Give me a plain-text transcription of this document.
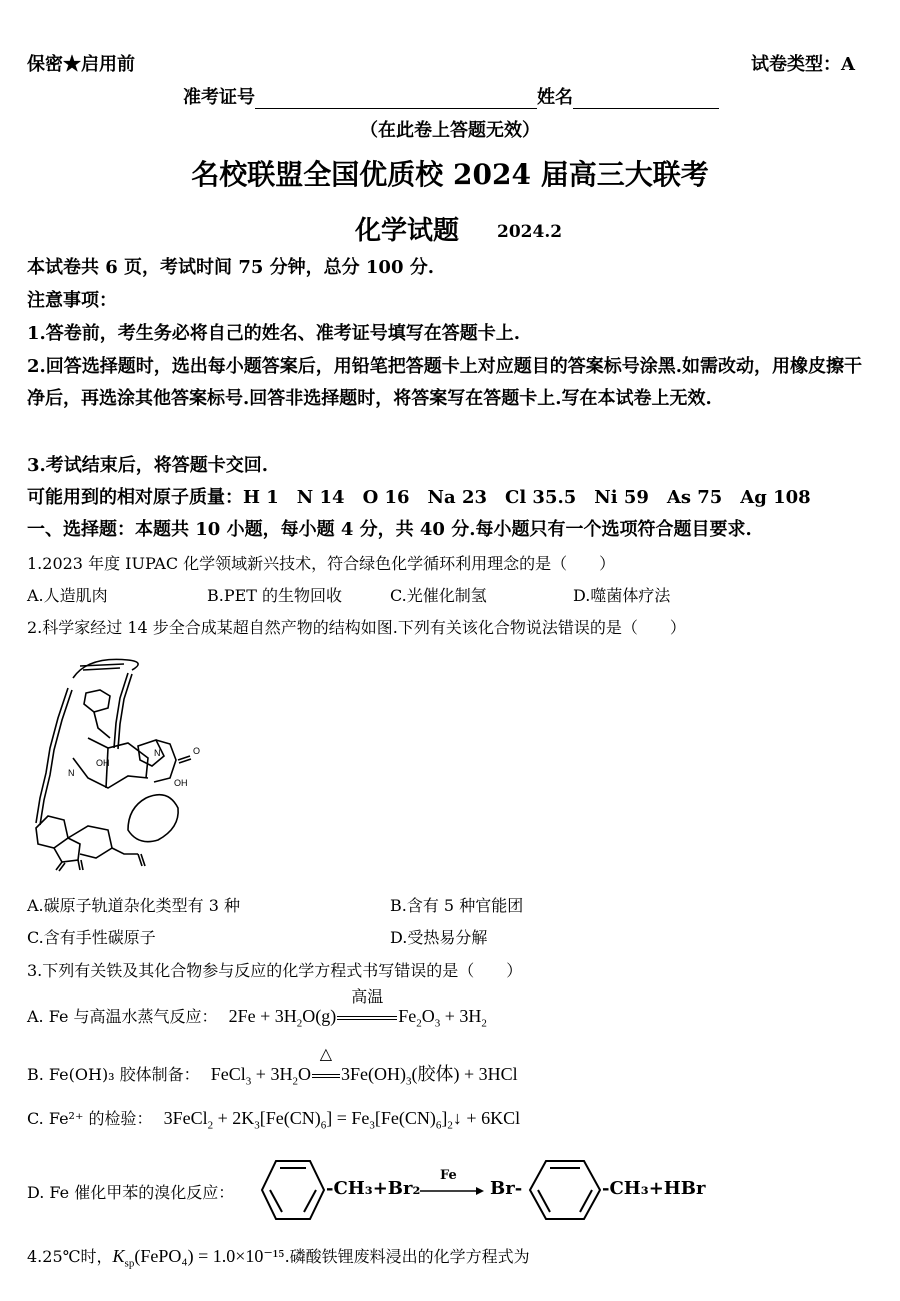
保密★启用前	试卷类型：A
准考证号	姓名
（在此卷上答题无效）
名校联盟全国优质校 2024 届高三大联考
化学试题 2024.2
本试卷共 6 页，考试时间 75 分钟，总分 100 分.
注意事项：
1.答卷前，考生务必将自己的姓名、准考证号填写在答题卡上.
2.回答选择题时，选出每小题答案后，用铅笔把答题卡上对应题目的答案标号涂黑.如需改动，用橡皮擦干净后，再选涂其他答案标号.回答非选择题时，将答案写在答题卡上.写在本试卷上无效.
3.考试结束后，将答题卡交回.
可能用到的相对原子质量：H 1　N 14　O 16　Na 23　Cl 35.5　Ni 59　As 75　Ag 108
一、选择题：本题共 10 小题，每小题 4 分，共 40 分.每小题只有一个选项符合题目要求.
1.2023 年度 IUPAC 化学领域新兴技术，符合绿色化学循环利用理念的是（　　）
A.人造肌肉	B.PET 的生物回收	C.光催化制氢	D.噬菌体疗法
2.科学家经过 14 步全合成某超自然产物的结构如图.下列有关该化合物说法错误的是（　　）
N
N
OH
OH
O
A.碳原子轨道杂化类型有 3 种	B.含有 5 种官能团
C.含有手性碳原子	D.受热易分解
3.下列有关铁及其化合物参与反应的化学方程式书写错误的是（　　）
A. Fe 与高温水蒸气反应： $2Fe + 3H_2O(g)$
高温
$Fe_2O_3 + 3H_2$
B. Fe(OH)₃ 胶体制备： FeCl$_3$ + $3H_2O$
△
$3Fe(OH)_3$(胶体) + 3HCl
C. Fe²⁺ 的检验： 3FeCl$_2$ + $2K_3[Fe(CN)_6]$ = $Fe_3[Fe(CN)_6]_2↓ + 6KCl$
D. Fe 催化甲苯的溴化反应：	-CH₃+Br₂
Fe
→ Br-	-CH₃+HBr
4.25℃时，$K_{sp}(FePO_4) = 1.0\times 10^{-15}$.磷酸铁锂废料浸出的化学方程式为
